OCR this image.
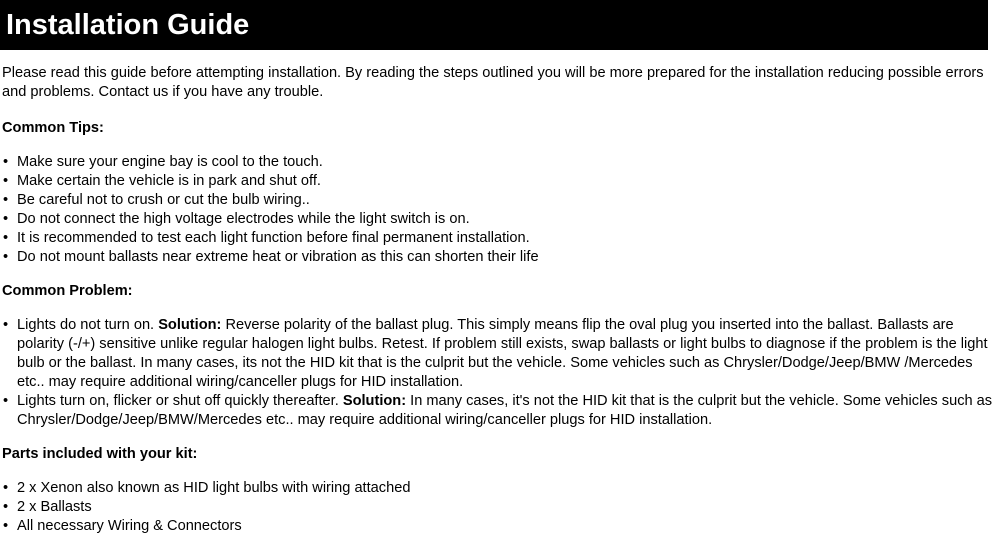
Installation Guide

Please read this guide before attempting installation. By reading the steps outlined you will be more prepared for the installation reducing possible errors and problems. Contact us if you have any trouble.

Common Tips:
• Make sure your engine bay is cool to the touch.
• Make certain the vehicle is in park and shut off.
• Be careful not to crush or cut the bulb wiring..
• Do not connect the high voltage electrodes while the light switch is on.
• It is recommended to test each light function before final permanent installation.
• Do not mount ballasts near extreme heat or vibration as this can shorten their life
Common Problem:
• Lights do not turn on. Solution: Reverse polarity of the ballast plug. This simply means flip the oval plug you inserted into the ballast. Ballasts are polarity (-/+) sensitive unlike regular halogen light bulbs. Retest. If problem still exists, swap ballasts or light bulbs to diagnose if the problem is the light bulb or the ballast. In many cases, its not the HID kit that is the culprit but the vehicle. Some vehicles such as Chrysler/Dodge/Jeep/BMW /Mercedes etc.. may require additional wiring/canceller plugs for HID installation.
• Lights turn on, flicker or shut off quickly thereafter. Solution: In many cases, it's not the HID kit that is the culprit but the vehicle. Some vehicles such as Chrysler/Dodge/Jeep/BMW/Mercedes etc.. may require additional wiring/canceller plugs for HID installation.
Parts included with your kit:
• 2 x Xenon also known as HID light bulbs with wiring attached
• 2 x Ballasts
• All necessary Wiring & Connectors
